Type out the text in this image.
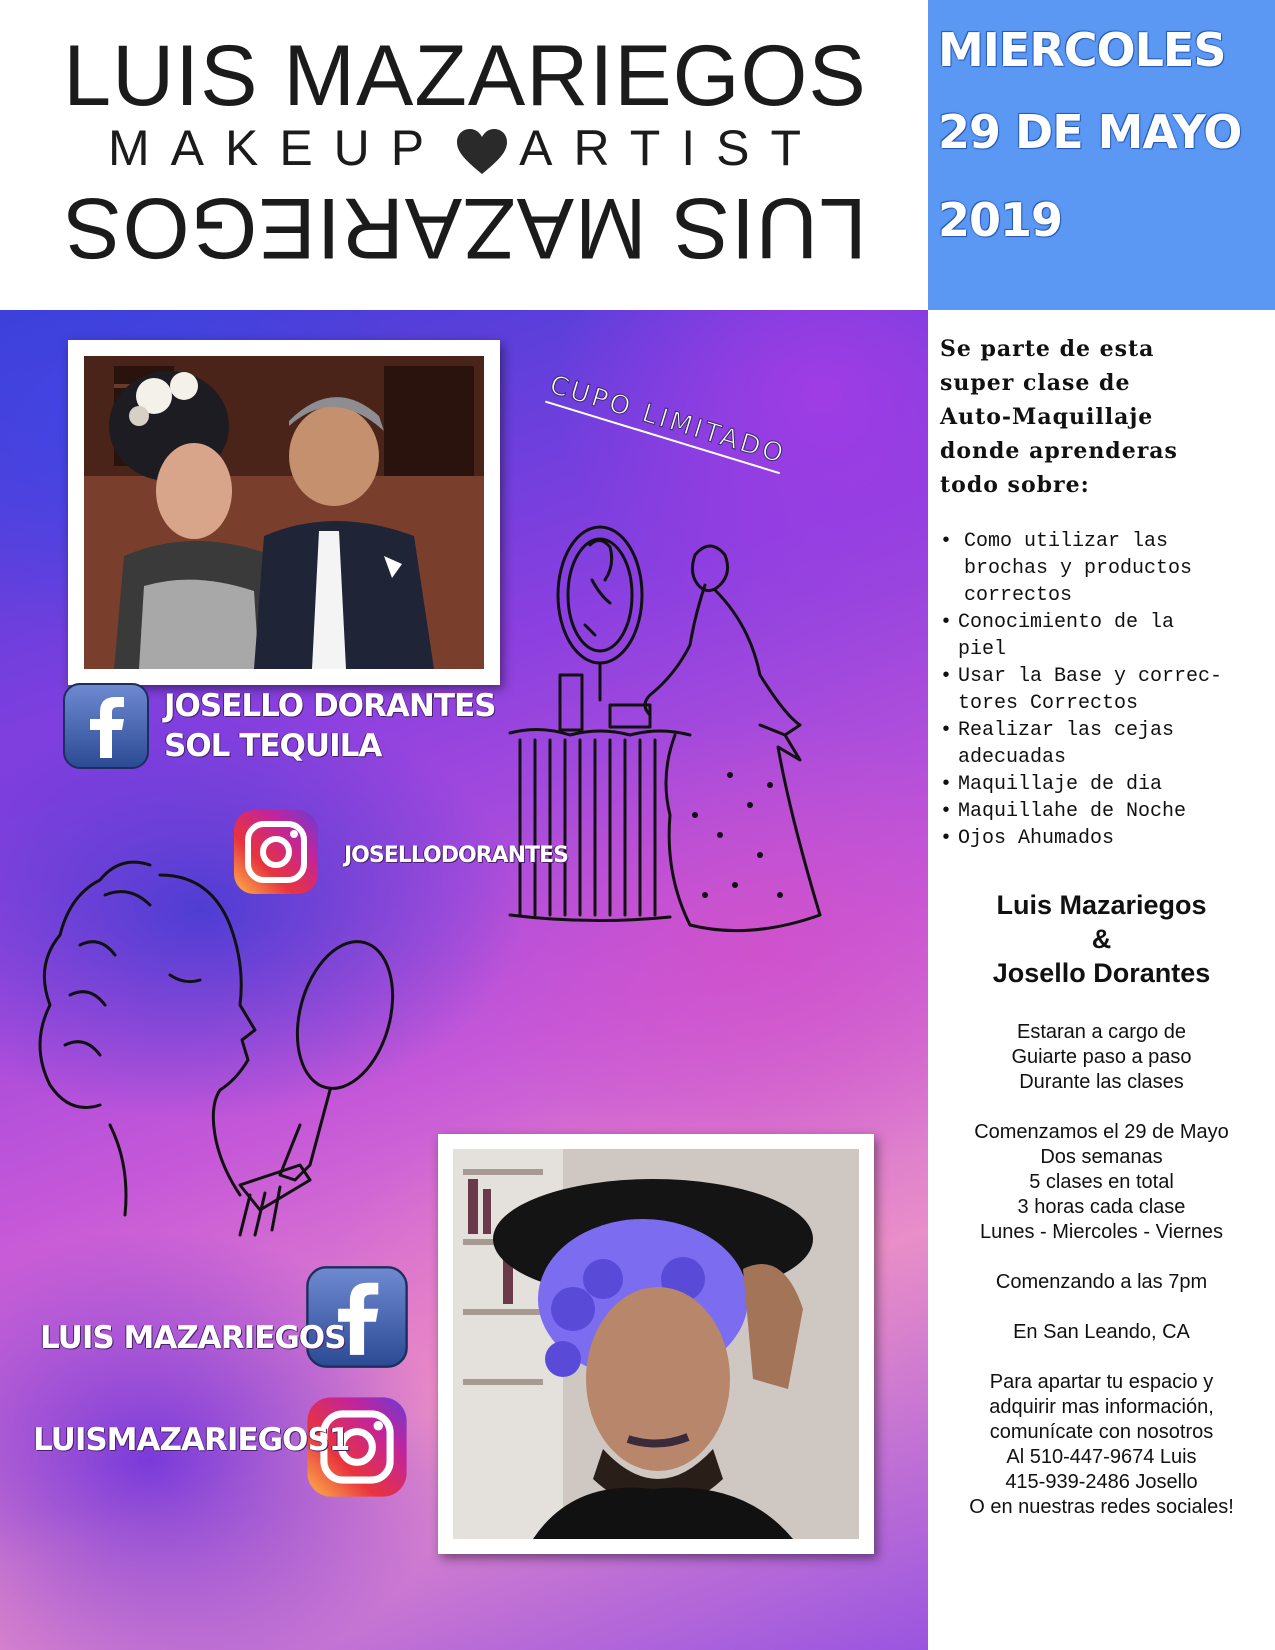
LUIS MAZARIEGOS
MAKEUP ARTIST
LUIS MAZARIEGOS
MIERCOLES
29 DE MAYO
2019
CUPO LIMITADO
JOSELLO DORANTES
SOL TEQUILA
JOSELLODORANTES
LUIS MAZARIEGOS
LUISMAZARIEGOS1
Se parte de esta
super clase de
Auto-Maquillaje
donde aprenderas
todo sobre:
• Como utilizar las
brochas y productos
correctos
• Conocimiento de la
piel
• Usar la Base y correc-
tores Correctos
• Realizar las cejas
adecuadas
• Maquillaje de dia
• Maquillahe de Noche
• Ojos Ahumados
Luis Mazariegos
&
Josello Dorantes
Estaran a cargo de
Guiarte paso a paso
Durante las clases
Comenzamos el 29 de Mayo
Dos semanas
5 clases en total
3 horas cada clase
Lunes - Miercoles - Viernes
Comenzando a las 7pm
En San Leando, CA
Para apartar tu espacio y
adquirir mas información,
comunícate con nosotros
Al 510-447-9674 Luis
415-939-2486 Josello
O en nuestras redes sociales!
